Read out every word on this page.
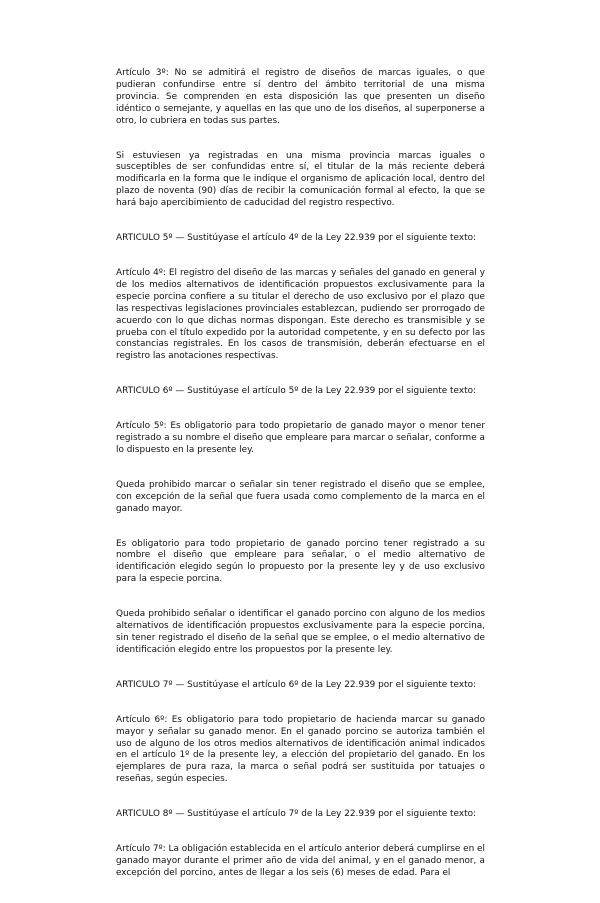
Artículo 3º: No se admitirá el registro de diseños de marcas iguales, o que pudieran confundirse entre sí dentro del ámbito territorial de una misma provincia. Se comprenden en esta disposición las que presenten un diseño idéntico o semejante, y aquellas en las que uno de los diseños, al superponerse a otro, lo cubriera en todas sus partes.

Si estuviesen ya registradas en una misma provincia marcas iguales o susceptibles de ser confundidas entre sí, el titular de la más reciente deberá modificarla en la forma que le indique el organismo de aplicación local, dentro del plazo de noventa (90) días de recibir la comunicación formal al efecto, la que se hará bajo apercibimiento de caducidad del registro respectivo.

ARTICULO 5º — Sustitúyase el artículo 4º de la Ley 22.939 por el siguiente texto:

Artículo 4º: El registro del diseño de las marcas y señales del ganado en general y de los medios alternativos de identificación propuestos exclusivamente para la especie porcina confiere a su titular el derecho de uso exclusivo por el plazo que las respectivas legislaciones provinciales establezcan, pudiendo ser prorrogado de acuerdo con lo que dichas normas dispongan. Este derecho es transmisible y se prueba con el título expedido por la autoridad competente, y en su defecto por las constancias registrales. En los casos de transmisión, deberán efectuarse en el registro las anotaciones respectivas.

ARTICULO 6º — Sustitúyase el artículo 5º de la Ley 22.939 por el siguiente texto:

Artículo 5º: Es obligatorio para todo propietario de ganado mayor o menor tener registrado a su nombre el diseño que empleare para marcar o señalar, conforme a lo dispuesto en la presente ley.

Queda prohibido marcar o señalar sin tener registrado el diseño que se emplee, con excepción de la señal que fuera usada como complemento de la marca en el ganado mayor.

Es obligatorio para todo propietario de ganado porcino tener registrado a su nombre el diseño que empleare para señalar, o el medio alternativo de identificación elegido según lo propuesto por la presente ley y de uso exclusivo para la especie porcina.

Queda prohibido señalar o identificar el ganado porcino con alguno de los medios alternativos de identificación propuestos exclusivamente para la especie porcina, sin tener registrado el diseño de la señal que se emplee, o el medio alternativo de identificación elegido entre los propuestos por la presente ley.

ARTICULO 7º — Sustitúyase el artículo 6º de la Ley 22.939 por el siguiente texto:

Artículo 6º: Es obligatorio para todo propietario de hacienda marcar su ganado mayor y señalar su ganado menor. En el ganado porcino se autoriza también el uso de alguno de los otros medios alternativos de identificación animal indicados en el artículo 1º de la presente ley, a elección del propietario del ganado. En los ejemplares de pura raza, la marca o señal podrá ser sustituida por tatuajes o reseñas, según especies.

ARTICULO 8º — Sustitúyase el artículo 7º de la Ley 22.939 por el siguiente texto:

Artículo 7º: La obligación establecida en el artículo anterior deberá cumplirse en el ganado mayor durante el primer año de vida del animal, y en el ganado menor, a excepción del porcino, antes de llegar a los seis (6) meses de edad. Para el
